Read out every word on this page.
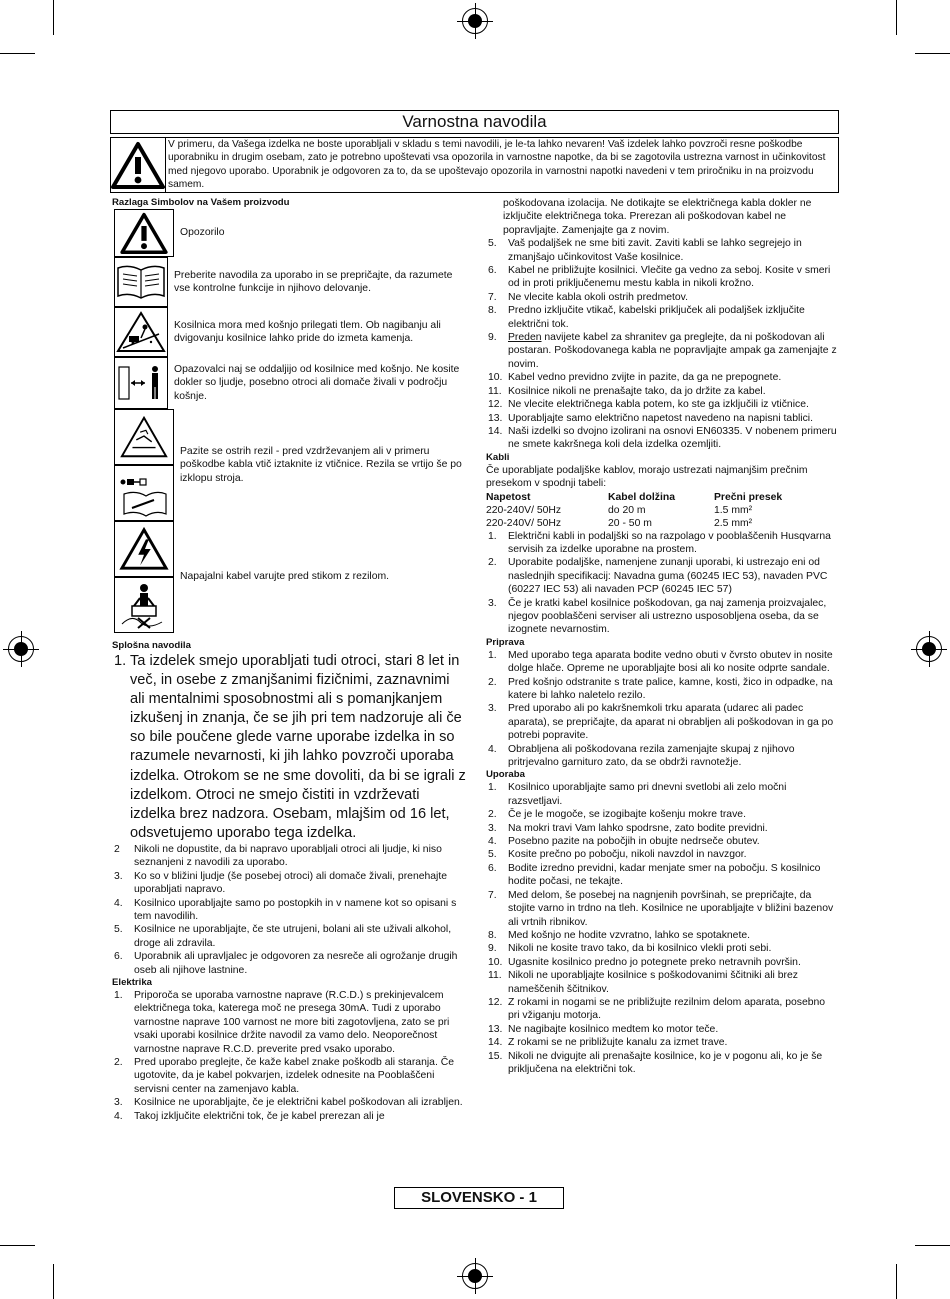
Varnostna navodila
V primeru, da Vašega izdelka ne boste uporabljali v skladu s temi navodili, je le-ta lahko nevaren! Vaš izdelek lahko povzroči resne poškodbe uporabniku in drugim osebam, zato je potrebno upoštevati vsa opozorila in varnostne napotke, da bi se zagotovila ustrezna varnost in učinkovitost med njegovo uporabo. Uporabnik je odgovoren za to, da se upoštevajo opozorila in varnostni napotki navedeni v tem priročniku in na proizvodu samem.
Razlaga Simbolov na Vašem proizvodu
Opozorilo
Preberite navodila za uporabo in se prepričajte, da razumete vse kontrolne funkcije in njihovo delovanje.
Kosilnica mora med košnjo prilegati tlem. Ob nagibanju ali dvigovanju kosilnice lahko pride do izmeta kamenja.
Opazovalci naj se oddaljijo od kosilnice med košnjo. Ne kosite dokler so ljudje, posebno otroci ali domače živali v področju košnje.
Pazite se ostrih rezil - pred vzdrževanjem ali v primeru poškodbe kabla vtič iztaknite iz vtičnice. Rezila se vrtijo še po izklopu stroja.
Napajalni kabel varujte pred stikom z rezilom.
Splošna navodila
1. Ta izdelek smejo uporabljati tudi otroci, stari 8 let in več, in osebe z zmanjšanimi fizičnimi, zaznavnimi ali mentalnimi sposobnostmi ali s pomanjkanjem izkušenj in znanja, če se jih pri tem nadzoruje ali če so bile poučene glede varne uporabe izdelka in so razumele nevarnosti, ki jih lahko povzroči uporaba izdelka. Otrokom se ne sme dovoliti, da bi se igrali z izdelkom. Otroci ne smejo čistiti in vzdrževati izdelka brez nadzora. Osebam, mlajšim od 16 let, odsvetujemo uporabo tega izdelka.
2	Nikoli ne dopustite, da bi napravo uporabljali otroci ali ljudje, ki niso seznanjeni z navodili za uporabo.
3.	Ko so v bližini ljudje (še posebej otroci) ali domače živali, prenehajte uporabljati napravo.
4.	Kosilnico uporabljajte samo po postopkih in v namene kot so opisani s tem navodilih.
5.	Kosilnice ne uporabljajte, če ste utrujeni, bolani ali ste uživali alkohol, droge ali zdravila.
6.	Uporabnik ali upravljalec je odgovoren za nesreče ali ogrožanje drugih oseb ali njihove lastnine.
Elektrika
1.	Priporoča se uporaba varnostne naprave (R.C.D.) s prekinjevalcem električnega toka, katerega moč ne presega 30mA. Tudi z uporabo varnostne naprave 100 varnost ne more biti zagotovljena, zato se pri vsaki uporabi kosilnice držite navodil za vamo delo. Neoporečnost varnostne naprave R.C.D. preverite pred vsako uporabo.
2.	Pred uporabo preglejte, če kaže kabel znake poškodb ali staranja. Če ugotovite, da je kabel pokvarjen, izdelek odnesite na Pooblaščeni servisni center na zamenjavo kabla.
3.	Kosilnice ne uporabljajte, če je električni kabel poškodovan ali izrabljen.
4.	Takoj izključite električni tok, če je kabel prerezan ali je
poškodovana izolacija. Ne dotikajte se električnega kabla dokler ne izključite električnega toka. Prerezan ali poškodovan kabel ne popravljajte. Zamenjajte ga z novim.
5.	Vaš podaljšek ne sme biti zavit. Zaviti kabli se lahko segrejejo in zmanjšajo učinkovitost Vaše kosilnice.
6.	Kabel ne približujte kosilnici. Vlečite ga vedno za seboj. Kosite v smeri od in proti priključenemu mestu kabla in nikoli krožno.
7.	Ne vlecite kabla okoli ostrih predmetov.
8.	Predno izključite vtikač, kabelski priključek ali podaljšek izključite električni tok.
9.	Preden navijete kabel za shranitev ga preglejte, da ni poškodovan ali postaran. Poškodovanega kabla ne popravljajte ampak ga zamenjajte z novim.
10. Kabel vedno previdno zvijte in pazite, da ga ne prepognete.
11. Kosilnice nikoli ne prenašajte tako, da jo držite za kabel.
12. Ne vlecite električnega kabla potem, ko ste ga izključili iz vtičnice.
13. Uporabljajte samo električno napetost navedeno na napisni tablici.
14. Naši izdelki so dvojno izolirani na osnovi EN60335. V nobenem primeru ne smete kakršnega koli dela izdelka ozemljiti.
Kabli
Če uporabljate podaljške kablov, morajo ustrezati najmanjšim prečnim presekom v spodnji tabeli:
Napetost	Kabel dolžina	Prečni presek
220-240V/ 50Hz	do 20 m	1.5 mm²
220-240V/ 50Hz	20 - 50 m	2.5 mm²
1.	Električni kabli in podaljški so na razpolago v pooblaščenih Husqvarna servisih za izdelke uporabne na prostem.
2.	Uporabite podaljške, namenjene zunanji uporabi, ki ustrezajo eni od naslednjih specifikacij: Navadna guma (60245 IEC 53), navaden PVC (60227 IEC 53) ali navaden PCP (60245 IEC 57)
3.	Če je kratki kabel kosilnice poškodovan, ga naj zamenja proizvajalec, njegov pooblaščeni serviser ali ustrezno usposobljena oseba, da se izognete nevarnostim.
Priprava
1.	Med uporabo tega aparata bodite vedno obuti v čvrsto obutev in nosite dolge hlače. Opreme ne uporabljajte bosi ali ko nosite odprte sandale.
2.	Pred košnjo odstranite s trate palice, kamne, kosti, žico in odpadke, na katere bi lahko naletelo rezilo.
3.	Pred uporabo ali po kakršnemkoli trku aparata (udarec ali padec aparata), se prepričajte, da aparat ni obrabljen ali poškodovan in ga po potrebi popravite.
4.	Obrabljena ali poškodovana rezila zamenjajte skupaj z njihovo pritrjevalno garnituro zato, da se obdrži ravnotežje.
Uporaba
1.	Kosilnico uporabljajte samo pri dnevni svetlobi ali zelo močni razsvetljavi.
2.	Če je le mogoče, se izogibajte košenju mokre trave.
3.	Na mokri travi Vam lahko spodrsne, zato bodite previdni.
4.	Posebno pazite na pobočjih in obujte nedrseče obutev.
5.	Kosite prečno po pobočju, nikoli navzdol in navzgor.
6.	Bodite izredno previdni, kadar menjate smer na pobočju. S kosilnico hodite počasi, ne tekajte.
7.	Med delom, še posebej na nagnjenih površinah, se prepričajte, da stojite varno in trdno na tleh. Kosilnice ne uporabljajte v bližini bazenov ali vrtnih ribnikov.
8.	Med košnjo ne hodite vzvratno, lahko se spotaknete.
9.	Nikoli ne kosite travo tako, da bi kosilnico vlekli proti sebi.
10. Ugasnite kosilnico predno jo potegnete preko netravnih površin.
11. Nikoli ne uporabljajte kosilnice s poškodovanimi ščitniki ali brez nameščenih ščitnikov.
12. Z rokami in nogami se ne približujte rezilnim delom aparata, posebno pri vžiganju motorja.
13. Ne nagibajte kosilnico medtem ko motor teče.
14. Z rokami se ne približujte kanalu za izmet trave.
15. Nikoli ne dvigujte ali prenašajte kosilnice, ko je v pogonu ali, ko je še priključena na električni tok.
SLOVENSKO - 1
